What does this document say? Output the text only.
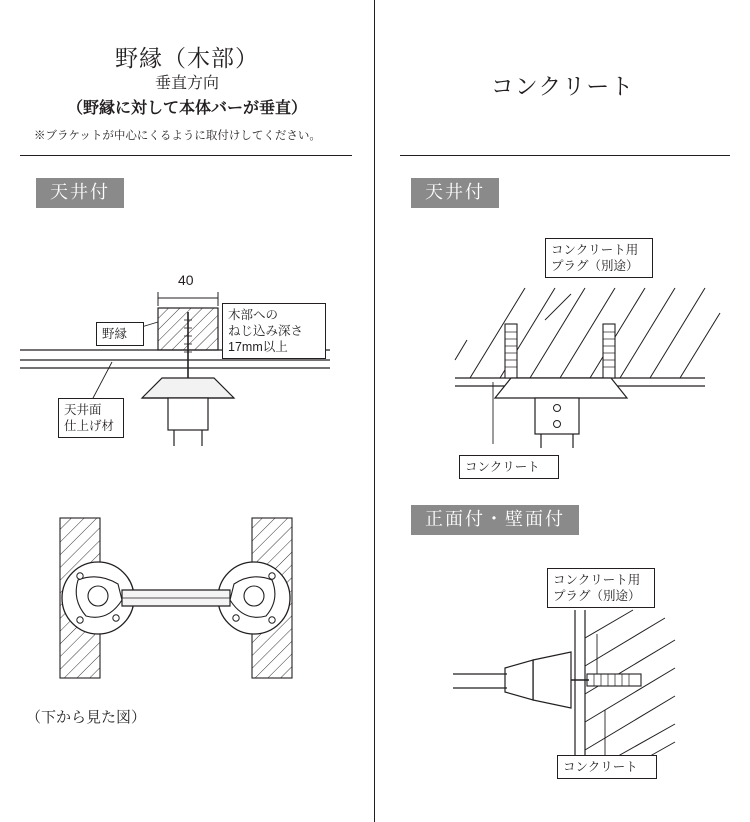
野縁（木部）
垂直方向
（野縁に対して本体バーが垂直）
※ブラケットが中心にくるように取付けしてください。
天井付
40
木部への
ねじ込み深さ
17mm以上
野縁
天井面
仕上げ材
（下から見た図）
コンクリート
天井付
コンクリート用
プラグ（別途）
コンクリート
正面付・壁面付
コンクリート用
プラグ（別途）
コンクリート
